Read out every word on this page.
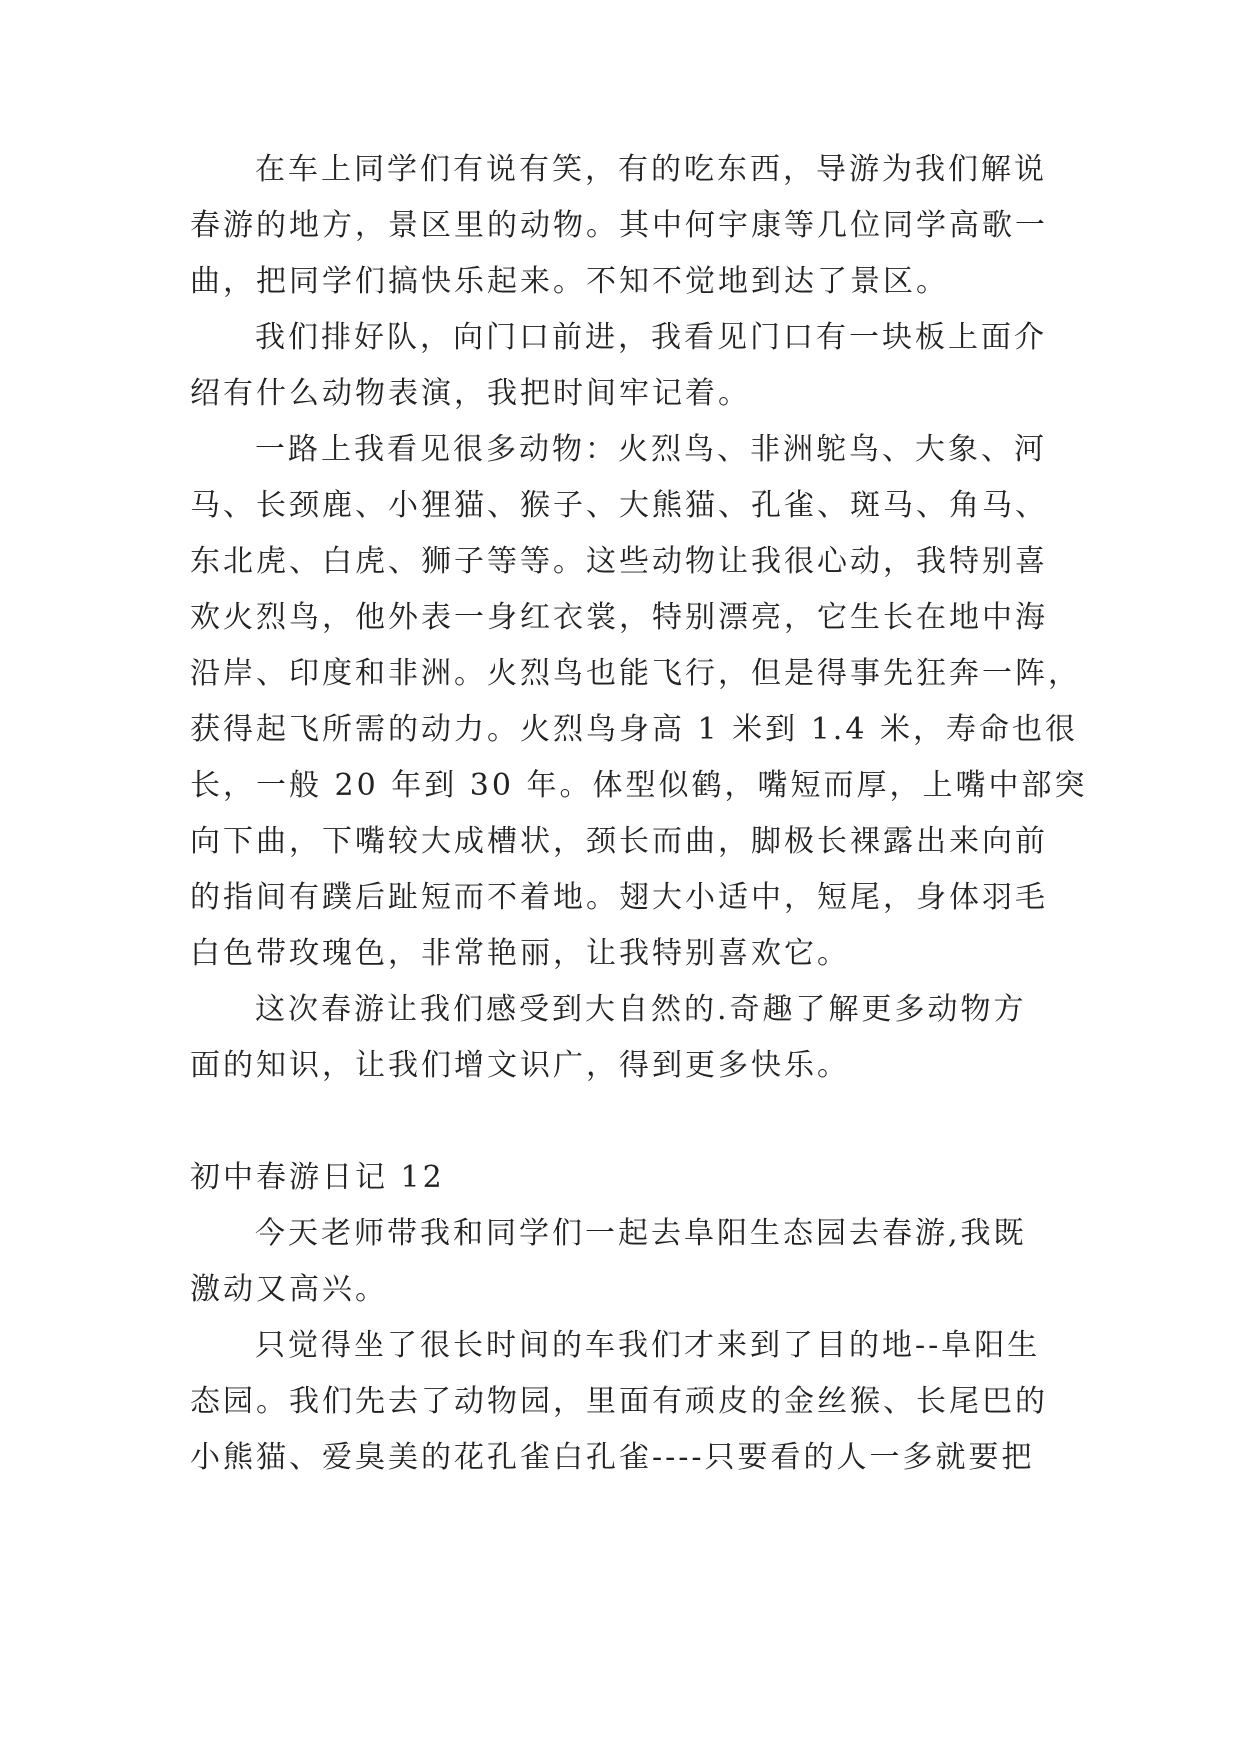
在车上同学们有说有笑，有的吃东西，导游为我们解说
春游的地方，景区里的动物。其中何宇康等几位同学高歌一
曲，把同学们搞快乐起来。不知不觉地到达了景区。
我们排好队，向门口前进，我看见门口有一块板上面介
绍有什么动物表演，我把时间牢记着。
一路上我看见很多动物：火烈鸟、非洲鸵鸟、大象、河
马、长颈鹿、小狸猫、猴子、大熊猫、孔雀、斑马、角马、
东北虎、白虎、狮子等等。这些动物让我很心动，我特别喜
欢火烈鸟，他外表一身红衣裳，特别漂亮，它生长在地中海
沿岸、印度和非洲。火烈鸟也能飞行，但是得事先狂奔一阵，
获得起飞所需的动力。火烈鸟身高 1 米到 1.4 米，寿命也很
长，一般 20 年到 30 年。体型似鹤，嘴短而厚，上嘴中部突
向下曲，下嘴较大成槽状，颈长而曲，脚极长裸露出来向前
的指间有蹼后趾短而不着地。翅大小适中，短尾，身体羽毛
白色带玫瑰色，非常艳丽，让我特别喜欢它。
这次春游让我们感受到大自然的.奇趣了解更多动物方
面的知识，让我们增文识广，得到更多快乐。
初中春游日记 12
今天老师带我和同学们一起去阜阳生态园去春游,我既
激动又高兴。
只觉得坐了很长时间的车我们才来到了目的地--阜阳生
态园。我们先去了动物园，里面有顽皮的金丝猴、长尾巴的
小熊猫、爱臭美的花孔雀白孔雀----只要看的人一多就要把
